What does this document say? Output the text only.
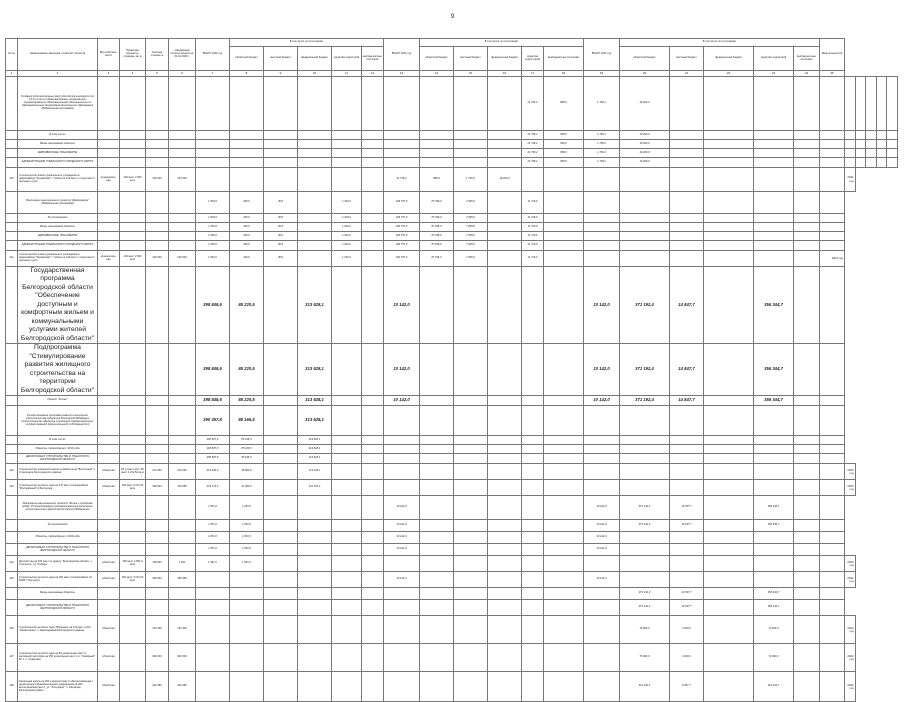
9
№ п/п	Наименование заказчика, отраслей, объектов	Вид собствен-ности	Проектная мощность, площадь, кв. м	Сметная стоимость	Ожидаемый остаток средств на 01.01.2020 г.	ВСЕГО 2020 год	В том числе по источникам:					ВСЕГО 2021 год	В том числе по источникам:					ВСЕГО 2022 год	В том числе по источникам:					Ввод мощностей					
							областной бюджет	местный бюджет	федеральный бюджет	средства территорий	внебюд-жетные источники		областной бюджет	местный бюджет	федеральный бюджет	средства терри-торий	внебюджетные источники		областной бюджет	местный бюджет	федеральный бюджет	средства территорий	внебюд-жетные источники						
1	2	3	4	5	6	7	8	9	10	11	12	13	14	15	16	17	18	19	20	21	22	23	24	25					
	Создание дополнительных мест для детей в возрасте от 1,5 до 3 лет в образовательных организациях, осуществляющих образовательную деятельность по образовательным программам дошкольного образования (Федеральная программа)															21 736,2	880,0	1 736,2	19 200,0										
	В том числе:															21 736,2	880,0	1 736,2	19 200,0										
	Вновь начинаемые объекты															21 736,2	880,0	1 736,2	19 200,0										
	НЕВОЗВРАТНЫЕ ТРАНСФЕРТЫ															21 736,2	880,0	1 736,2	19 200,0										
	АДМИНИСТРАЦИЯ ГУБКИНСКОГО ГОРОДСКОГО ОКРУГА															21 736,2	880,0	1 736,2	19 200,0										
120	Строительство нового дошкольного учреждения в микрорайоне "Журавлики" г. Губкин на 140 мест с открытием 2 ясельных групп	муниципаль-ная	140 мест 2 900 кв.м	133 000	133 000							21 736,2	880,0	1 736,2	19 200,0										2021 год				
	Реализация национального проекта "Демография" (Федеральная программа)					1 503,0	445,0	38,0		1 010,0		106 757,0	87 436,0	7 605,0		11 716,0													
	За исключением					1 503,0	445,0	38,0		1 010,0		106 757,0	87 436,0	7 605,0		11 716,0													
	Вновь начинаемые объекты					1 503,0	445,0	38,0		1 010,0		106 757,0	87 436,0	7 605,0		11 716,0													
	НЕВОЗВРАТНЫЕ ТРАНСФЕРТЫ					1 503,0	445,0	38,0		1 010,0		106 757,0	87 436,0	7 605,0		11 716,0													
	АДМИНИСТРАЦИЯ ГУБКИНСКОГО ГОРОДСКОГО ОКРУГА					1 503,0	445,0	38,0		1 010,0		106 757,0	87 436,0	7 605,0		11 716,0													
121	Строительство нового дошкольного учреждения в микрорайоне "Журавлики" г. Губкин на 140 мест с открытием 2 ясельных групп	муниципаль-ная	140 мест 2 900 кв.м	130 000	130 000	1 503,0	445,0	38,0		1 010,0		106 757,0	87 436,0	7 605,0		11 716,0								2021 год					
	Государственная программа Белгородской области "Обеспечение доступным и комфортным жильем и коммунальными услугами жителей Белгородской области"					398 848,6	85 220,5		313 628,1			10 142,0						10 142,0	371 192,4	14 847,7		356 344,7							
	Подпрограмма "Стимулирование развития жилищного строительства на территории Белгородской области"					398 848,6	85 220,5		313 628,1			10 142,0						10 142,0	371 192,4	14 847,7		356 344,7							
	Проект "Жилье"					398 848,6	85 220,5		313 628,1			10 142,0						10 142,0	371 192,4	14 847,7		356 344,7							
	Стимулирование программ развития жилищного строительства субъектов Российской Федерации (строительство объектов социальной инфраструктуры, государственной (муниципальной) собственности)					390 357,8	85 166,5		313 628,1																				
	В том числе:					398 687,8	85 166,5		313 628,1																				
	Объекты, переходящие с 2019 года					398 687,8	85 166,5		313 628,1																				
	ДЕПАРТАМЕНТ СТРОИТЕЛЬСТВА И ТРАНСПОРТА БЕЛГОРОДСКОЙ ОБЛАСТИ					398 687,8	85 166,5		313 628,1																				
122	Строительство начальной школы в районе м-на "Восточный" с. Стрелецкое Белгородского района	областная	80 уч.мест жил. 90 мест 2 212,52 кв.м	272 000	219 293	219 293,0	45 853,9		173 449,1																2020 год				
123	Строительство детского сада на 170 мест в микрорайоне "Молодёжный" в Белгороде	областная	100 мест 3 072,03 кв.м	189 814	109 658	179 714,3	37 950,0		141 764,3																2020 год				
	Реализация национального проекта "Жилье и городская среда" (Стимулирование программ развития жилищного строительства субъектов Российской Федерации)					1 651,0	1 651,0					10 142,0						10 142,0	371 192,4	14 847,7		356 344,7							
	За исключением					1 651,0	1 651,0					10 142,0						10 142,0	371 192,4	14 847,7		356 344,7							
	Объекты, переходящие с 2019 года					1 651,0	1 651,0					10 142,0						10 142,0											
	ДЕПАРТАМЕНТ СТРОИТЕЛЬСТВА И ТРАНСПОРТА БЕЛГОРОДСКОЙ ОБЛАСТИ					1 651,0	1 651,0					10 142,0						10 142,0											
124	Детский сад на 150 мест по адресу: Белгородская область, г. Строитель, ул. Победы	областная	150 мест 2 581,9 кв.м	118 543	1 651	1 651,0	1 651,0																		2020 год				
125	Строительство детского сада на 150 мест в микрорайоне 10 ЮМР г. Белгород	областная	150 мест 3 072,03 кв.м	189 814	189 658							10 142,0						10 142,0							2021 год				
	Вновь начинаемые объекты																		371 192,4	14 847,7		356 344,7							
	ДЕПАРТАМЕНТ СТРОИТЕЛЬСТВА И ТРАНСПОРТА БЕЛГОРОДСКОЙ ОБЛАСТИ																		371 192,4	14 847,7		356 344,7							
126	Строительство детского сада "Яблонька" на 100 мест в ЖК "Новая жизнь" п. Новосадовый Белгородского района	областная		133 400	133 400														75 000,0	3 000,0		72 000,0			2022 год				
127	Строительство детского сада на 80 дошкольных мест в жилищной застройке на 150 дошкольных мест в п. "Северный" БГ с. п. Северный	областная		302 000	302 000														75 000,0	3 000,0		72 000,0			2022 год				
128	Начальная школа на 200 учащихся (мест) обеспечивающая с дошкольным образовательным учреждением на 200 воспитанников (мест), ул. "Холодный", п. Разумное, Белгородский район	областная		442 680	442 680														221 192,4	8 847,7		212 344,7			2022 год				
